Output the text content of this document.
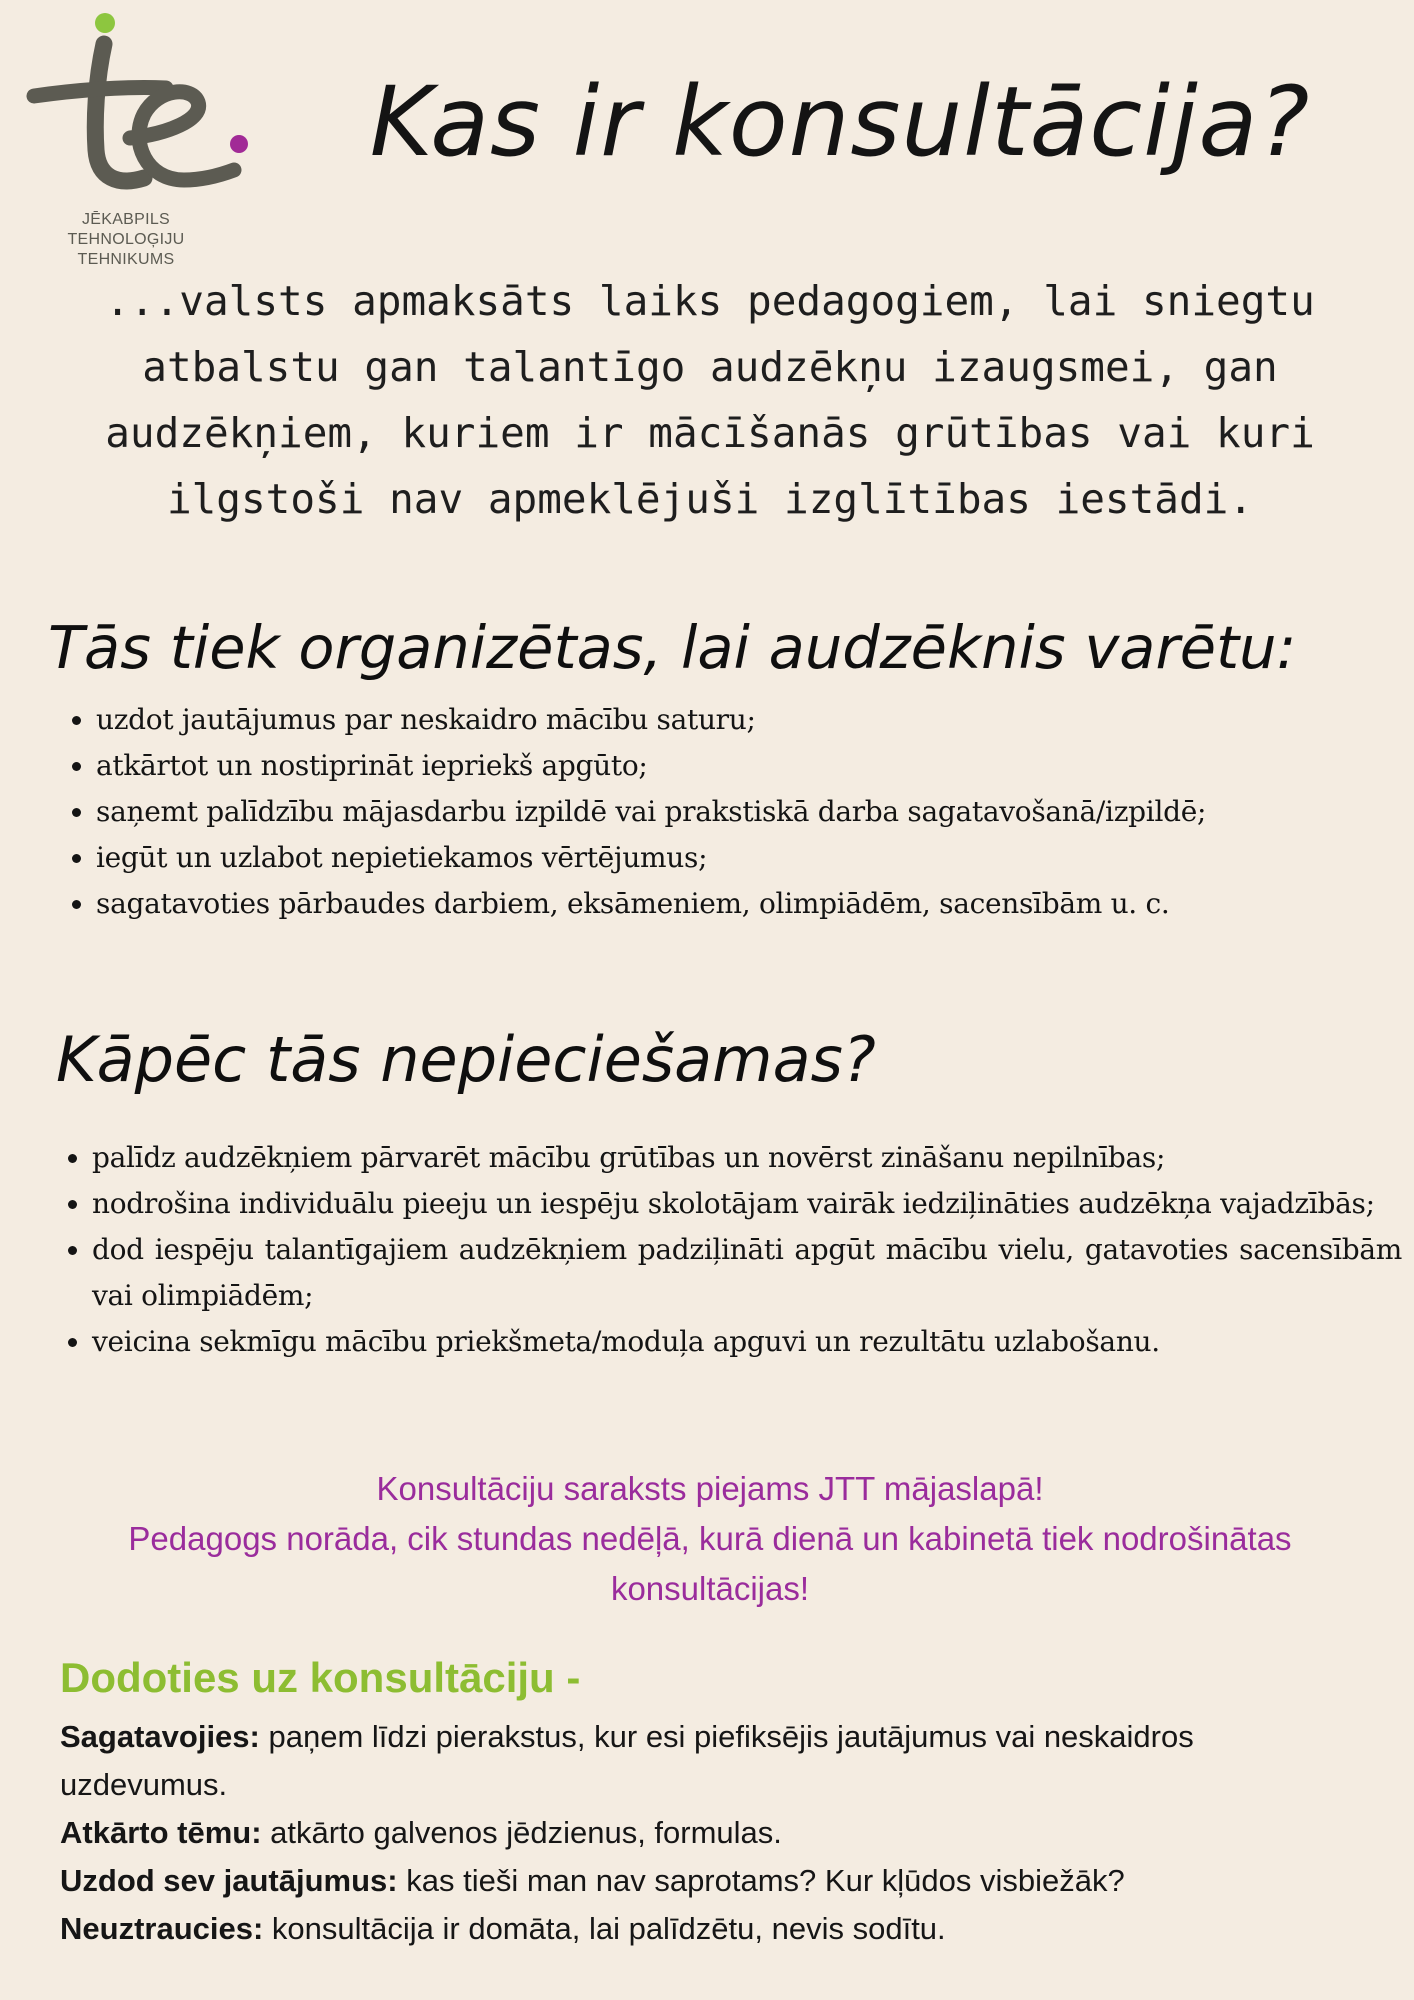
JĒKABPILS TEHNOLOĢIJU TEHNIKUMS
Kas ir konsultācija?

...valsts apmaksāts laiks pedagogiem, lai sniegtu atbalstu gan talantīgo audzēkņu izaugsmei, gan audzēkņiem, kuriem ir mācīšanās grūtības vai kuri ilgstoši nav apmeklējuši izglītības iestādi.

Tās tiek organizētas, lai audzēknis varētu:
• uzdot jautājumus par neskaidro mācību saturu;
• atkārtot un nostiprināt iepriekš apgūto;
• saņemt palīdzību mājasdarbu izpildē vai prakstiskā darba sagatavošanā/izpildē;
• iegūt un uzlabot nepietiekamos vērtējumus;
• sagatavoties pārbaudes darbiem, eksāmeniem, olimpiādēm, sacensībām u. c.
Kāpēc tās nepieciešamas?
• palīdz audzēkņiem pārvarēt mācību grūtības un novērst zināšanu nepilnības;
• nodrošina individuālu pieeju un iespēju skolotājam vairāk iedziļināties audzēkņa vajadzībās;
• dod iespēju talantīgajiem audzēkņiem padziļināti apgūt mācību vielu, gatavoties sacensībām vai olimpiādēm;
• veicina sekmīgu mācību priekšmeta/moduļa apguvi un rezultātu uzlabošanu.
Konsultāciju saraksts piejams JTT mājaslapā!
Pedagogs norāda, cik stundas nedēļā, kurā dienā un kabinetā tiek nodrošinātas konsultācijas!
Dodoties uz konsultāciju -

Sagatavojies: paņem līdzi pierakstus, kur esi piefiksējis jautājumus vai neskaidros uzdevumus.

Atkārto tēmu: atkārto galvenos jēdzienus, formulas.

Uzdod sev jautājumus: kas tieši man nav saprotams? Kur kļūdos visbiežāk?

Neuztraucies: konsultācija ir domāta, lai palīdzētu, nevis sodītu.
